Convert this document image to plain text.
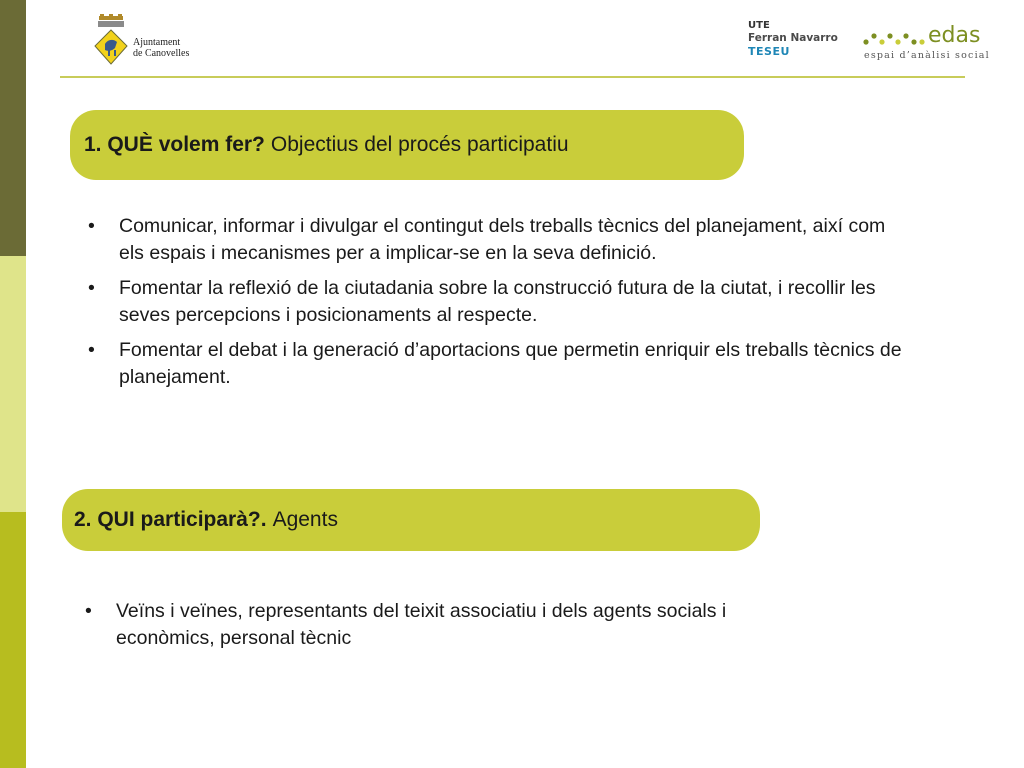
Ajuntament
de Canovelles
UTE
Ferran Navarro
TESEU
edas
espai d’anàlisi social
1. QUÈ volem fer? Objectius del procés participatiu
• Comunicar, informar i divulgar el contingut dels treballs tècnics del planejament, així com els espais i mecanismes per a implicar-se en la seva definició.
• Fomentar la reflexió de la ciutadania sobre la construcció futura de la ciutat, i recollir les seves percepcions i posicionaments al respecte.
• Fomentar el debat i la generació d’aportacions que permetin enriquir els treballs tècnics de planejament.
2. QUI participarà?. Agents
• Veïns i veïnes, representants del teixit associatiu i dels agents socials i econòmics, personal tècnic
